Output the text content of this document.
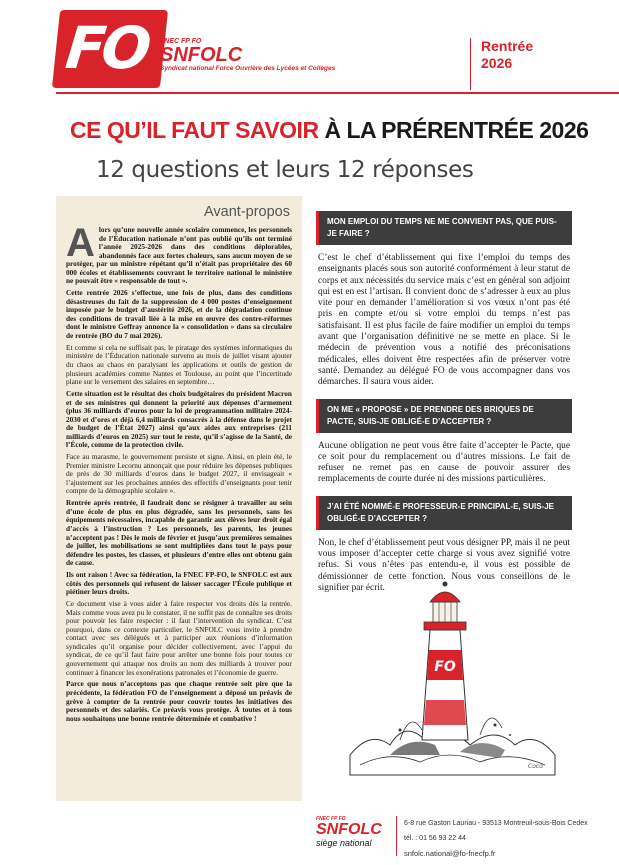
FO FNEC FP FO
SNFOLC
Syndicat national Force Ouvrière des Lycées et Collèges
Rentrée
2026
CE QU’IL FAUT SAVOIR À LA PRÉRENTRÉE 2026
12 questions et leurs 12 réponses
Avant-propos

Alors qu’une nouvelle année scolaire commence, les personnels de l’Éducation nationale n’ont pas oublié qu’ils ont terminé l’année 2025-2026 dans des conditions déplorables, abandonnés face aux fortes chaleurs, sans aucun moyen de se protéger, par un ministre répétant qu’il n’était pas propriétaire des 60 000 écoles et établissements couvrant le territoire national le ministère ne pouvait être « responsable de tout ».

Cette rentrée 2026 s’effectue, une fois de plus, dans des conditions désastreuses du fait de la suppression de 4 000 postes d’enseignement imposée par le budget d’austérité 2026, et de la dégradation continue des conditions de travail liée à la mise en œuvre des contre-réformes dont le ministre Geffray annonce la « consolidation » dans sa circulaire de rentrée (BO du 7 mai 2026).

Et comme si cela ne suffisait pas, le piratage des systèmes informatiques du ministère de l’Éducation nationale survenu au mois de juillet visant ajouter du chaos au chaos en paralysant les applications et outils de gestion de plusieurs académies comme Nantes et Toulouse, au point que l’incertitude plane sur le versement des salaires en septembre…

Cette situation est le résultat des choix budgétaires du président Macron et de ses ministres qui donnent la priorité aux dépenses d’armement (plus 36 milliards d’euros pour la loi de programmation militaire 2024-2030 et d’ores et déjà 6,4 milliards consacrés à la défense dans le projet de budget de l’État 2027) ainsi qu’aux aides aux entreprises (211 milliards d’euros en 2025) sur tout le reste, qu’il s’agisse de la Santé, de l’École, comme de la protection civile.

Face au marasme, le gouvernement persiste et signe. Ainsi, en plein été, le Premier ministre Lecornu annonçait que pour réduire les dépenses publiques de près de 30 milliards d’euros dans le budget 2027, il envisageait « l’ajustement sur les prochaines années des effectifs d’enseignants pour tenir compte de la démographie scolaire ».

Rentrée après rentrée, il faudrait donc se résigner à travailler au sein d’une école de plus en plus dégradée, sans les personnels, sans les équipements nécessaires, incapable de garantir aux élèves leur droit égal d’accès à l’instruction ? Les personnels, les parents, les jeunes n’acceptent pas ! Dès le mois de février et jusqu’aux premières semaines de juillet, les mobilisations se sont multipliées dans tout le pays pour défendre les postes, les classes, et plusieurs d’entre elles ont obtenu gain de cause.

Ils ont raison ! Avec sa fédération, la FNEC FP-FO, le SNFOLC est aux côtés des personnels qui refusent de laisser saccager l’École publique et piétiner leurs droits.

Ce document vise à vous aider à faire respecter vos droits dès la rentrée. Mais comme vous avez pu le constater, il ne suffit pas de connaître ses droits pour pouvoir les faire respecter : il faut l’intervention du syndicat. C’est pourquoi, dans ce contexte particulier, le SNFOLC vous invite à prendre contact avec ses délégués et à participer aux réunions d’information syndicales qu’il organise pour décider collectivement, avec l’appui du syndicat, de ce qu’il faut faire pour arrêter une bonne fois pour toutes ce gouvernement qui attaque nos droits au nom des milliards à trouver pour continuer à financer les exonérations patronales et l’économie de guerre.

Parce que nous n’acceptons pas que chaque rentrée soit pire que la précédente, la fédération FO de l’enseignement a déposé un préavis de grève à compter de la rentrée pour couvrir toutes les initiatives des personnels et des salariés. Ce préavis vous protège. À toutes et à tous nous souhaitons une bonne rentrée déterminée et combative !

MON EMPLOI DU TEMPS NE ME CONVIENT PAS, QUE PUIS-JE FAIRE ?

C’est le chef d’établissement qui fixe l’emploi du temps des enseignants placés sous son autorité conformément à leur statut de corps et aux nécessités du service mais c’est en général son adjoint qui est en est l’artisan. Il convient donc de s’adresser à eux au plus vite pour en demander l’amélioration si vos vœux n’ont pas été pris en compte et/ou si votre emploi du temps n’est pas satisfaisant. Il est plus facile de faire modifier un emploi du temps avant que l’organisation définitive ne se mette en place. Si le médecin de prévention vous a notifié des préconisations médicales, elles doivent être respectées afin de préserver votre santé. Demandez au délégué FO de vous accompagner dans vos démarches. Il saura vous aider.

ON ME « PROPOSE » DE PRENDRE DES BRIQUES DE PACTE, SUIS-JE OBLIGÉ-E D’ACCEPTER ?

Aucune obligation ne peut vous être faite d’accepter le Pacte, que ce soit pour du remplacement ou d’autres missions. Le fait de refuser ne remet pas en cause de pouvoir assurer des remplacements de courte durée ni des missions particulières.

J’AI ÉTÉ NOMMÉ-E PROFESSEUR-E PRINCIPAL-E, SUIS-JE OBLIGÉ-E D’ACCEPTER ?

Non, le chef d’établissement peut vous désigner PP, mais il ne peut vous imposer d’accepter cette charge si vous avez signifié votre refus. Si vous n’êtes pas entendu-e, il vous est possible de démissionner de cette fonction. Nous vous conseillons de le signifier par écrit.

FO
Coco
FNEC FP FO
SNFOLC
siège national
6-8 rue Gaston Lauriau - 93513 Montreuil-sous-Bois Cedex
tél. : 01 56 93 22 44
snfolc.national@fo-fnecfp.fr
